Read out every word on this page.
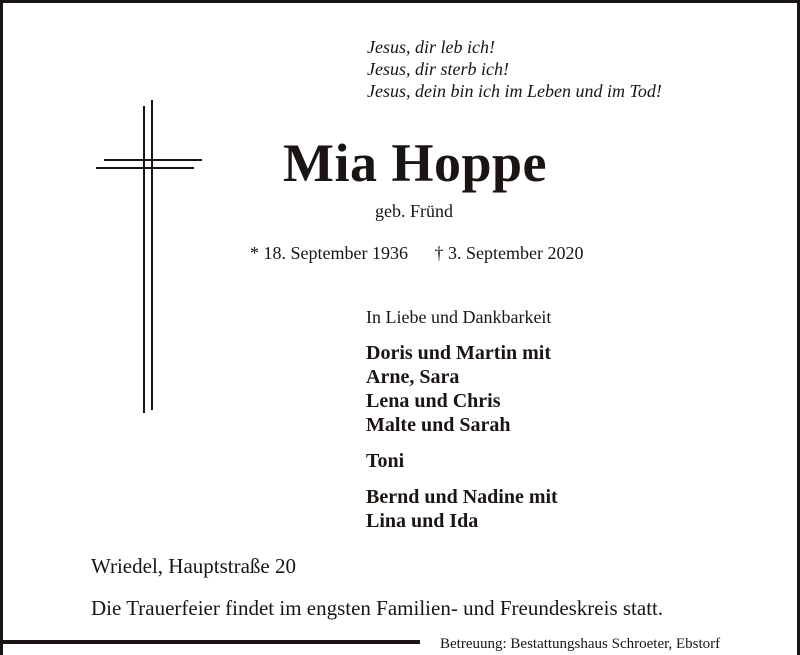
Jesus, dir leb ich!
Jesus, dir sterb ich!
Jesus, dein bin ich im Leben und im Tod!
Mia Hoppe
geb. Fründ
* 18. September 1936 † 3. September 2020
In Liebe und Dankbarkeit
Doris und Martin mit
Arne, Sara
Lena und Chris
Malte und Sarah
Toni
Bernd und Nadine mit
Lina und Ida
Wriedel, Hauptstraße 20
Die Trauerfeier findet im engsten Familien- und Freundeskreis statt.
Betreuung: Bestattungshaus Schroeter, Ebstorf
